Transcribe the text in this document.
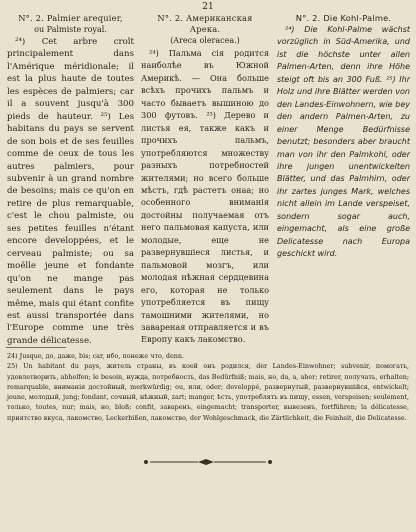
21
N°. 2. Palmier arequier,
ou Palmiste royal.
²⁴) Cet arbre croît principalement dans l'Amérique méridionale; il est la plus haute de toutes les espèces de palmiers; car il a souvent jusqu'à 300 pieds de hauteur. ²⁵) Les habitans du pays se servent de son bois et de ses feuilles comme de ceux de tous les autres palmiers, pour subvenir à un grand nombre de besoins; mais ce qu'on en retire de plus remarquable, c'est le chou palmiste, ou ses petites feuilles n'étant encore developpées, et le cerveau palmiste; ou sa moëlle jeune et fondante qu'on ne mange pas seulement dans le pays même, mais qui étant confite est aussi transportée dans l'Europe comme une très grande délicatesse.
N°. 2. Американская Арека.
(Areca oleracea.)
²⁴) Пальма сія родится наиболѣе въ Южной Америкѣ. — Она больше всѣхъ прочихъ пальмъ и часто бываетъ вышиною до 300 футовъ. ²⁵) Дерево и листья ея, также какъ и прочихъ пальмъ, употребляются множеству разныхъ потребностей жителями; но всего больше мѣстъ, гдѣ растетъ онаа; но особенного вниманія достойны получаемая отъ него пальмовая капуста, или молодые, еще не развернувшіеся листья, и пальмовой мозгъ, или молодая нѣжная сердцевина его, которая не только употребляется въ пищу тамошними жителями, но завареная отправляется и въ Европу какъ лакомство.
N°. 2. Die Kohl-Palme.
²⁴) Die Kohl-Palme wächst vorzüglich in Süd-Amerika, und ist die höchste unter allen Palmen-Arten, denn ihre Höhe steigt oft bis an 300 Fuß. ²⁵) Ihr Holz und ihre Blätter werden von den Landes-Einwohnern, wie bey den andern Palmen-Arten, zu einer Menge Bedürfnisse benutzt; besonders aber braucht man von ihr den Palmkohl, oder ihre jungen unentwickelten Blätter, und das Palmhirn, oder ihr zartes junges Mark, welches nicht allein im Lande verspeiset, sondern sogar auch, eingemacht, als eine große Delicatesse nach Europa geschickt wird.
24) Jusque, до, даже, bis; car, ибо, понеже что, denn.
25) Un habitant du pays, житель страны, въ коей онъ родился, der Landes-Einwohner; subvenir, помогать, удовлетворить, abhelfen; le besoin, нужда, потребность, das Bedürfniß; mais, но, da, а, aber; retirer, получать, erhalten; remarquable, вниманія достойный, merkwürdig; ou, или, oder; developpé, развернутый, развернувшійся, entwickelt; jeune, молодый, jung; fondant, сочный, нѣжный, zart; manger, ѣсть, употреблять въ пищу, essen, verspeisen; seulement, только, toutes, nur; mais, но, bloß; confit, заваренъ, eingemacht; transporter, вывезенъ, fortführen; la délicatesse, приятство вкуса, лакомство, Leckerbißen, лакомство, der Wohlgeschmack, die Zärtlichkeit, die Feinheit, die Delicatesse.
